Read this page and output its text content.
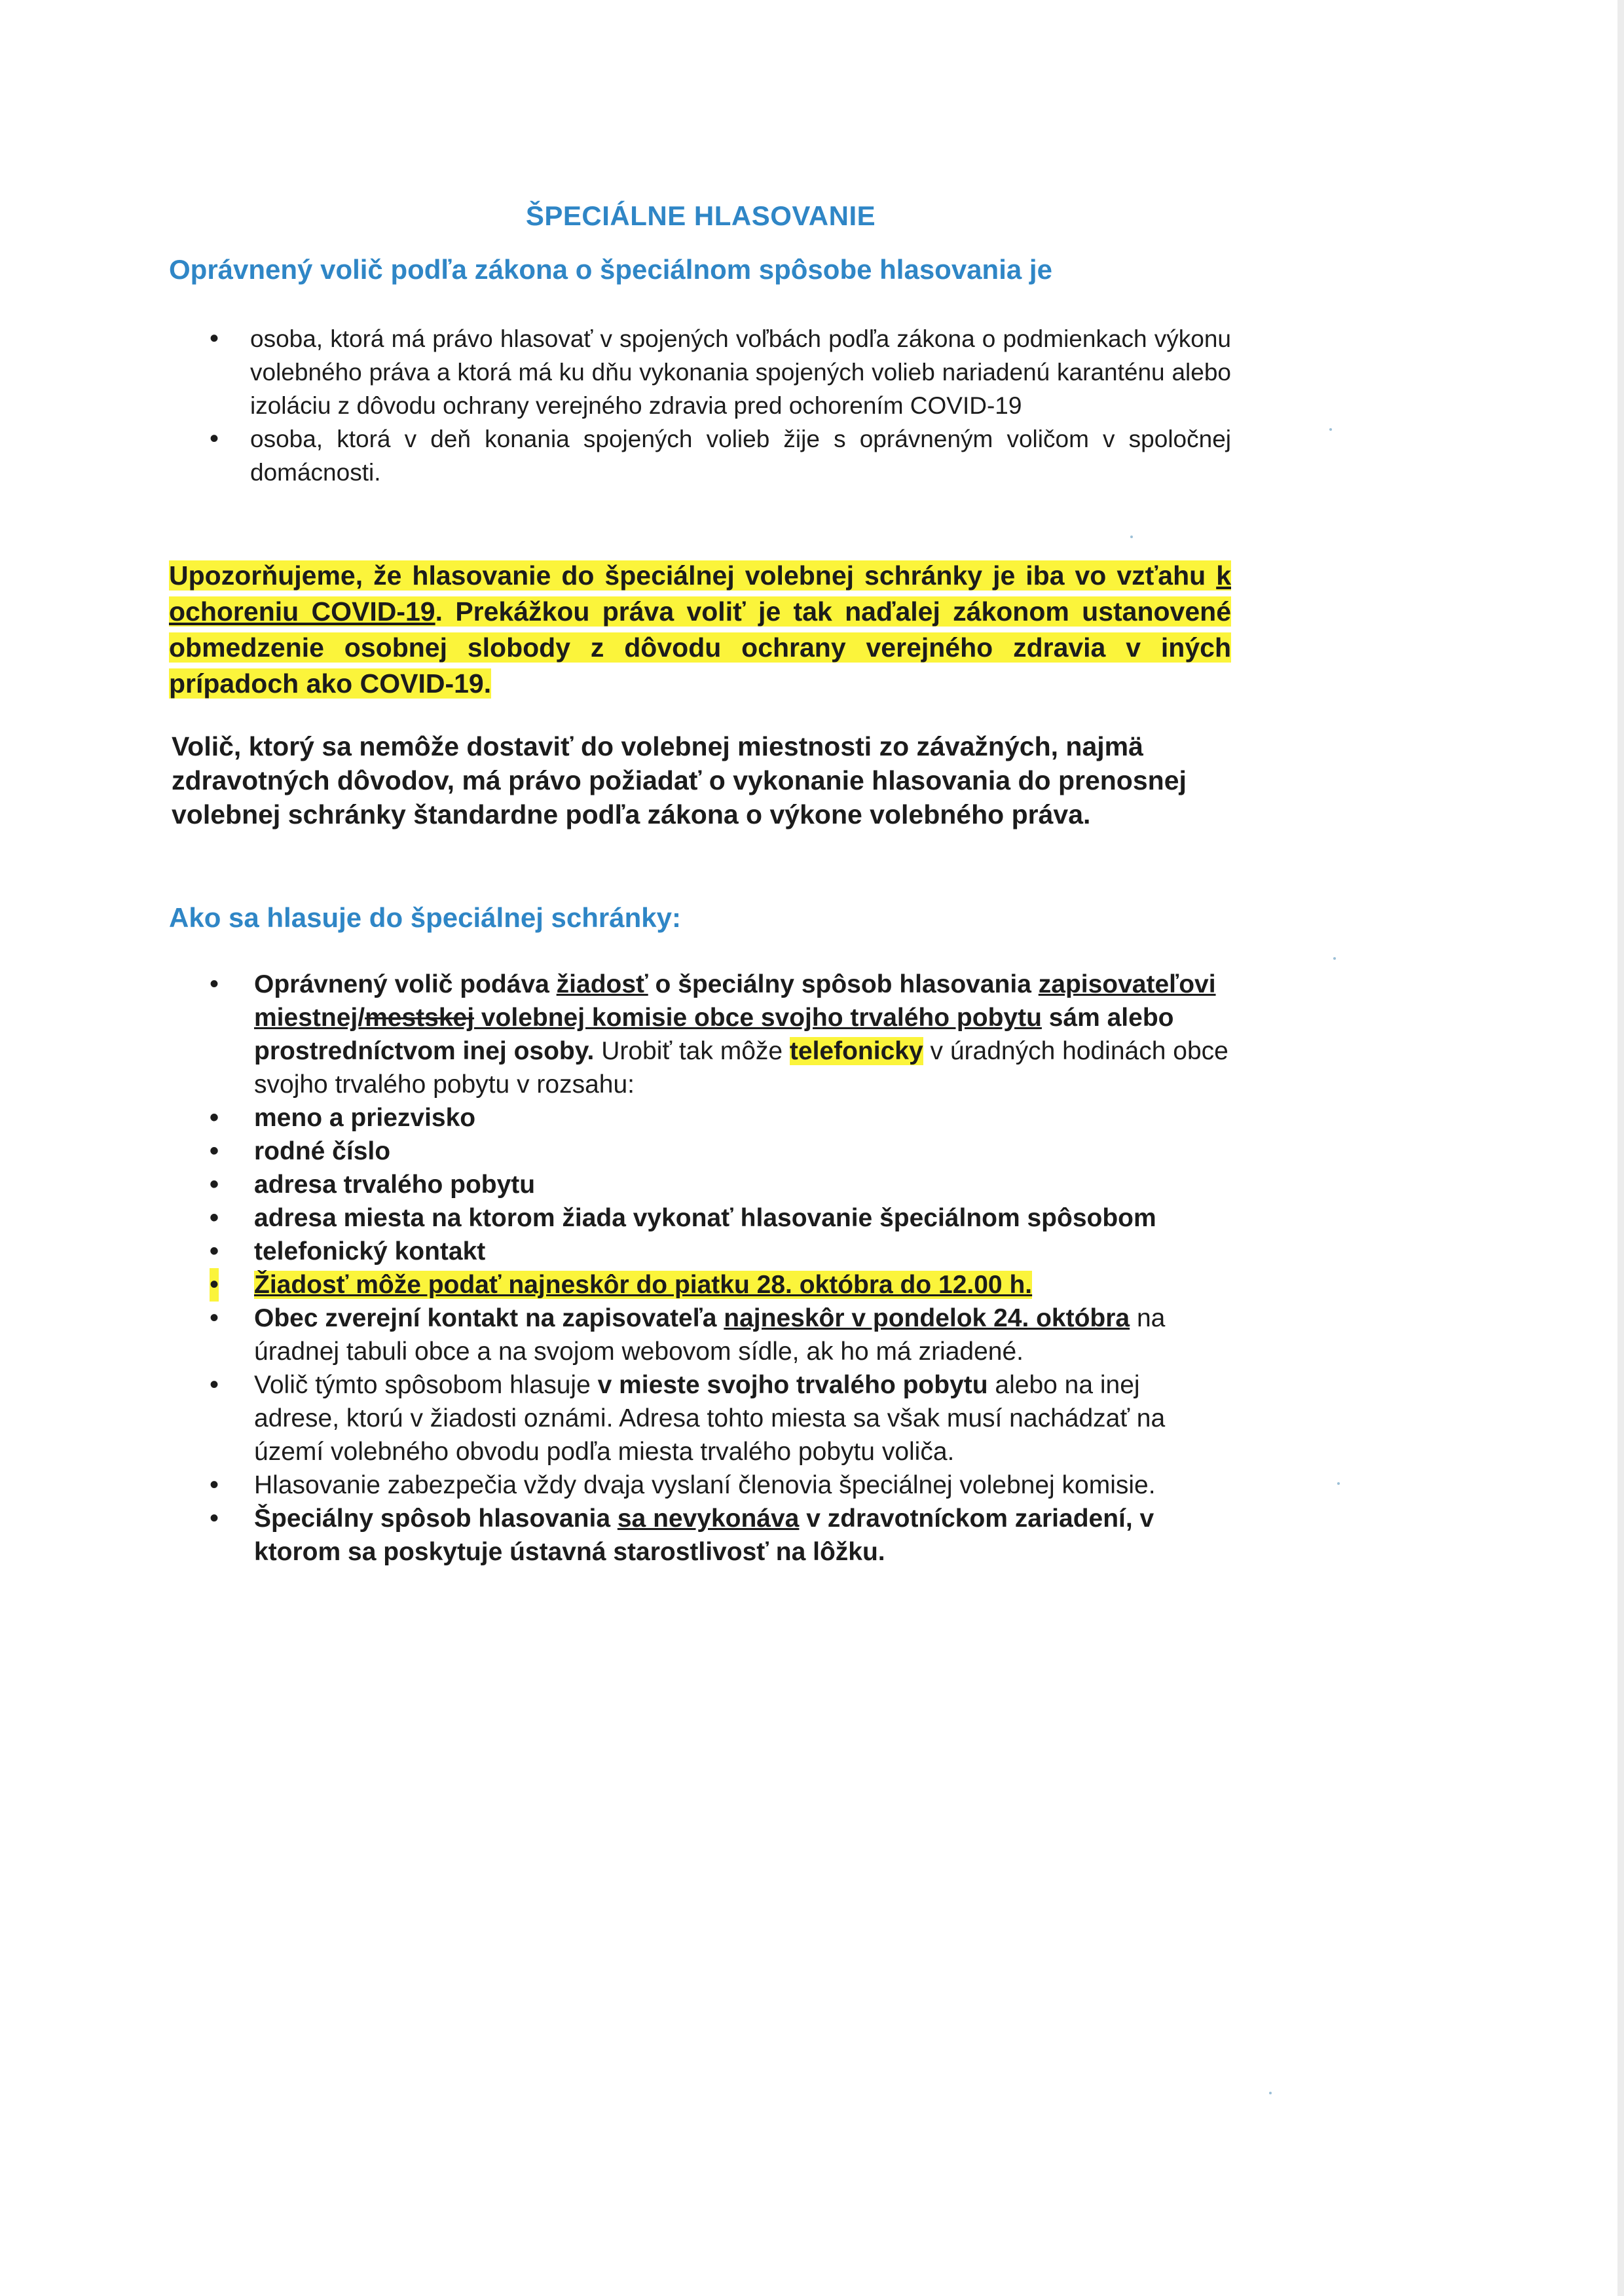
ŠPECIÁLNE HLASOVANIE
Oprávnený volič podľa zákona o špeciálnom spôsobe hlasovania je
• osoba, ktorá má právo hlasovať v spojených voľbách podľa zákona o podmienkach výkonu volebného práva a ktorá má ku dňu vykonania spojených volieb nariadenú karanténu alebo izoláciu z dôvodu ochrany verejného zdravia pred ochorením COVID-19
• osoba, ktorá v deň konania spojených volieb žije s oprávneným voličom v spoločnej domácnosti.
Upozorňujeme, že hlasovanie do špeciálnej volebnej schránky je iba vo vzťahu k ochoreniu COVID-19. Prekážkou práva voliť je tak naďalej zákonom ustanovené obmedzenie osobnej slobody z dôvodu ochrany verejného zdravia v iných prípadoch ako COVID-19.
Volič, ktorý sa nemôže dostaviť do volebnej miestnosti zo závažných, najmä zdravotných dôvodov, má právo požiadať o vykonanie hlasovania do prenosnej volebnej schránky štandardne podľa zákona o výkone volebného práva.
Ako sa hlasuje do špeciálnej schránky:
• Oprávnený volič podáva žiadosť o špeciálny spôsob hlasovania zapisovateľovi miestnej/mestskej volebnej komisie obce svojho trvalého pobytu sám alebo prostredníctvom inej osoby. Urobiť tak môže telefonicky v úradných hodinách obce svojho trvalého pobytu v rozsahu:
• meno a priezvisko
• rodné číslo
• adresa trvalého pobytu
• adresa miesta na ktorom žiada vykonať hlasovanie špeciálnom spôsobom
• telefonický kontakt
• Žiadosť môže podať najneskôr do piatku 28. októbra do 12.00 h.
• Obec zverejní kontakt na zapisovateľa najneskôr v pondelok 24. októbra na úradnej tabuli obce a na svojom webovom sídle, ak ho má zriadené.
• Volič týmto spôsobom hlasuje v mieste svojho trvalého pobytu alebo na inej adrese, ktorú v žiadosti oznámi. Adresa tohto miesta sa však musí nachádzať na území volebného obvodu podľa miesta trvalého pobytu voliča.
• Hlasovanie zabezpečia vždy dvaja vyslaní členovia špeciálnej volebnej komisie.
• Špeciálny spôsob hlasovania sa nevykonáva v zdravotníckom zariadení, v ktorom sa poskytuje ústavná starostlivosť na lôžku.
